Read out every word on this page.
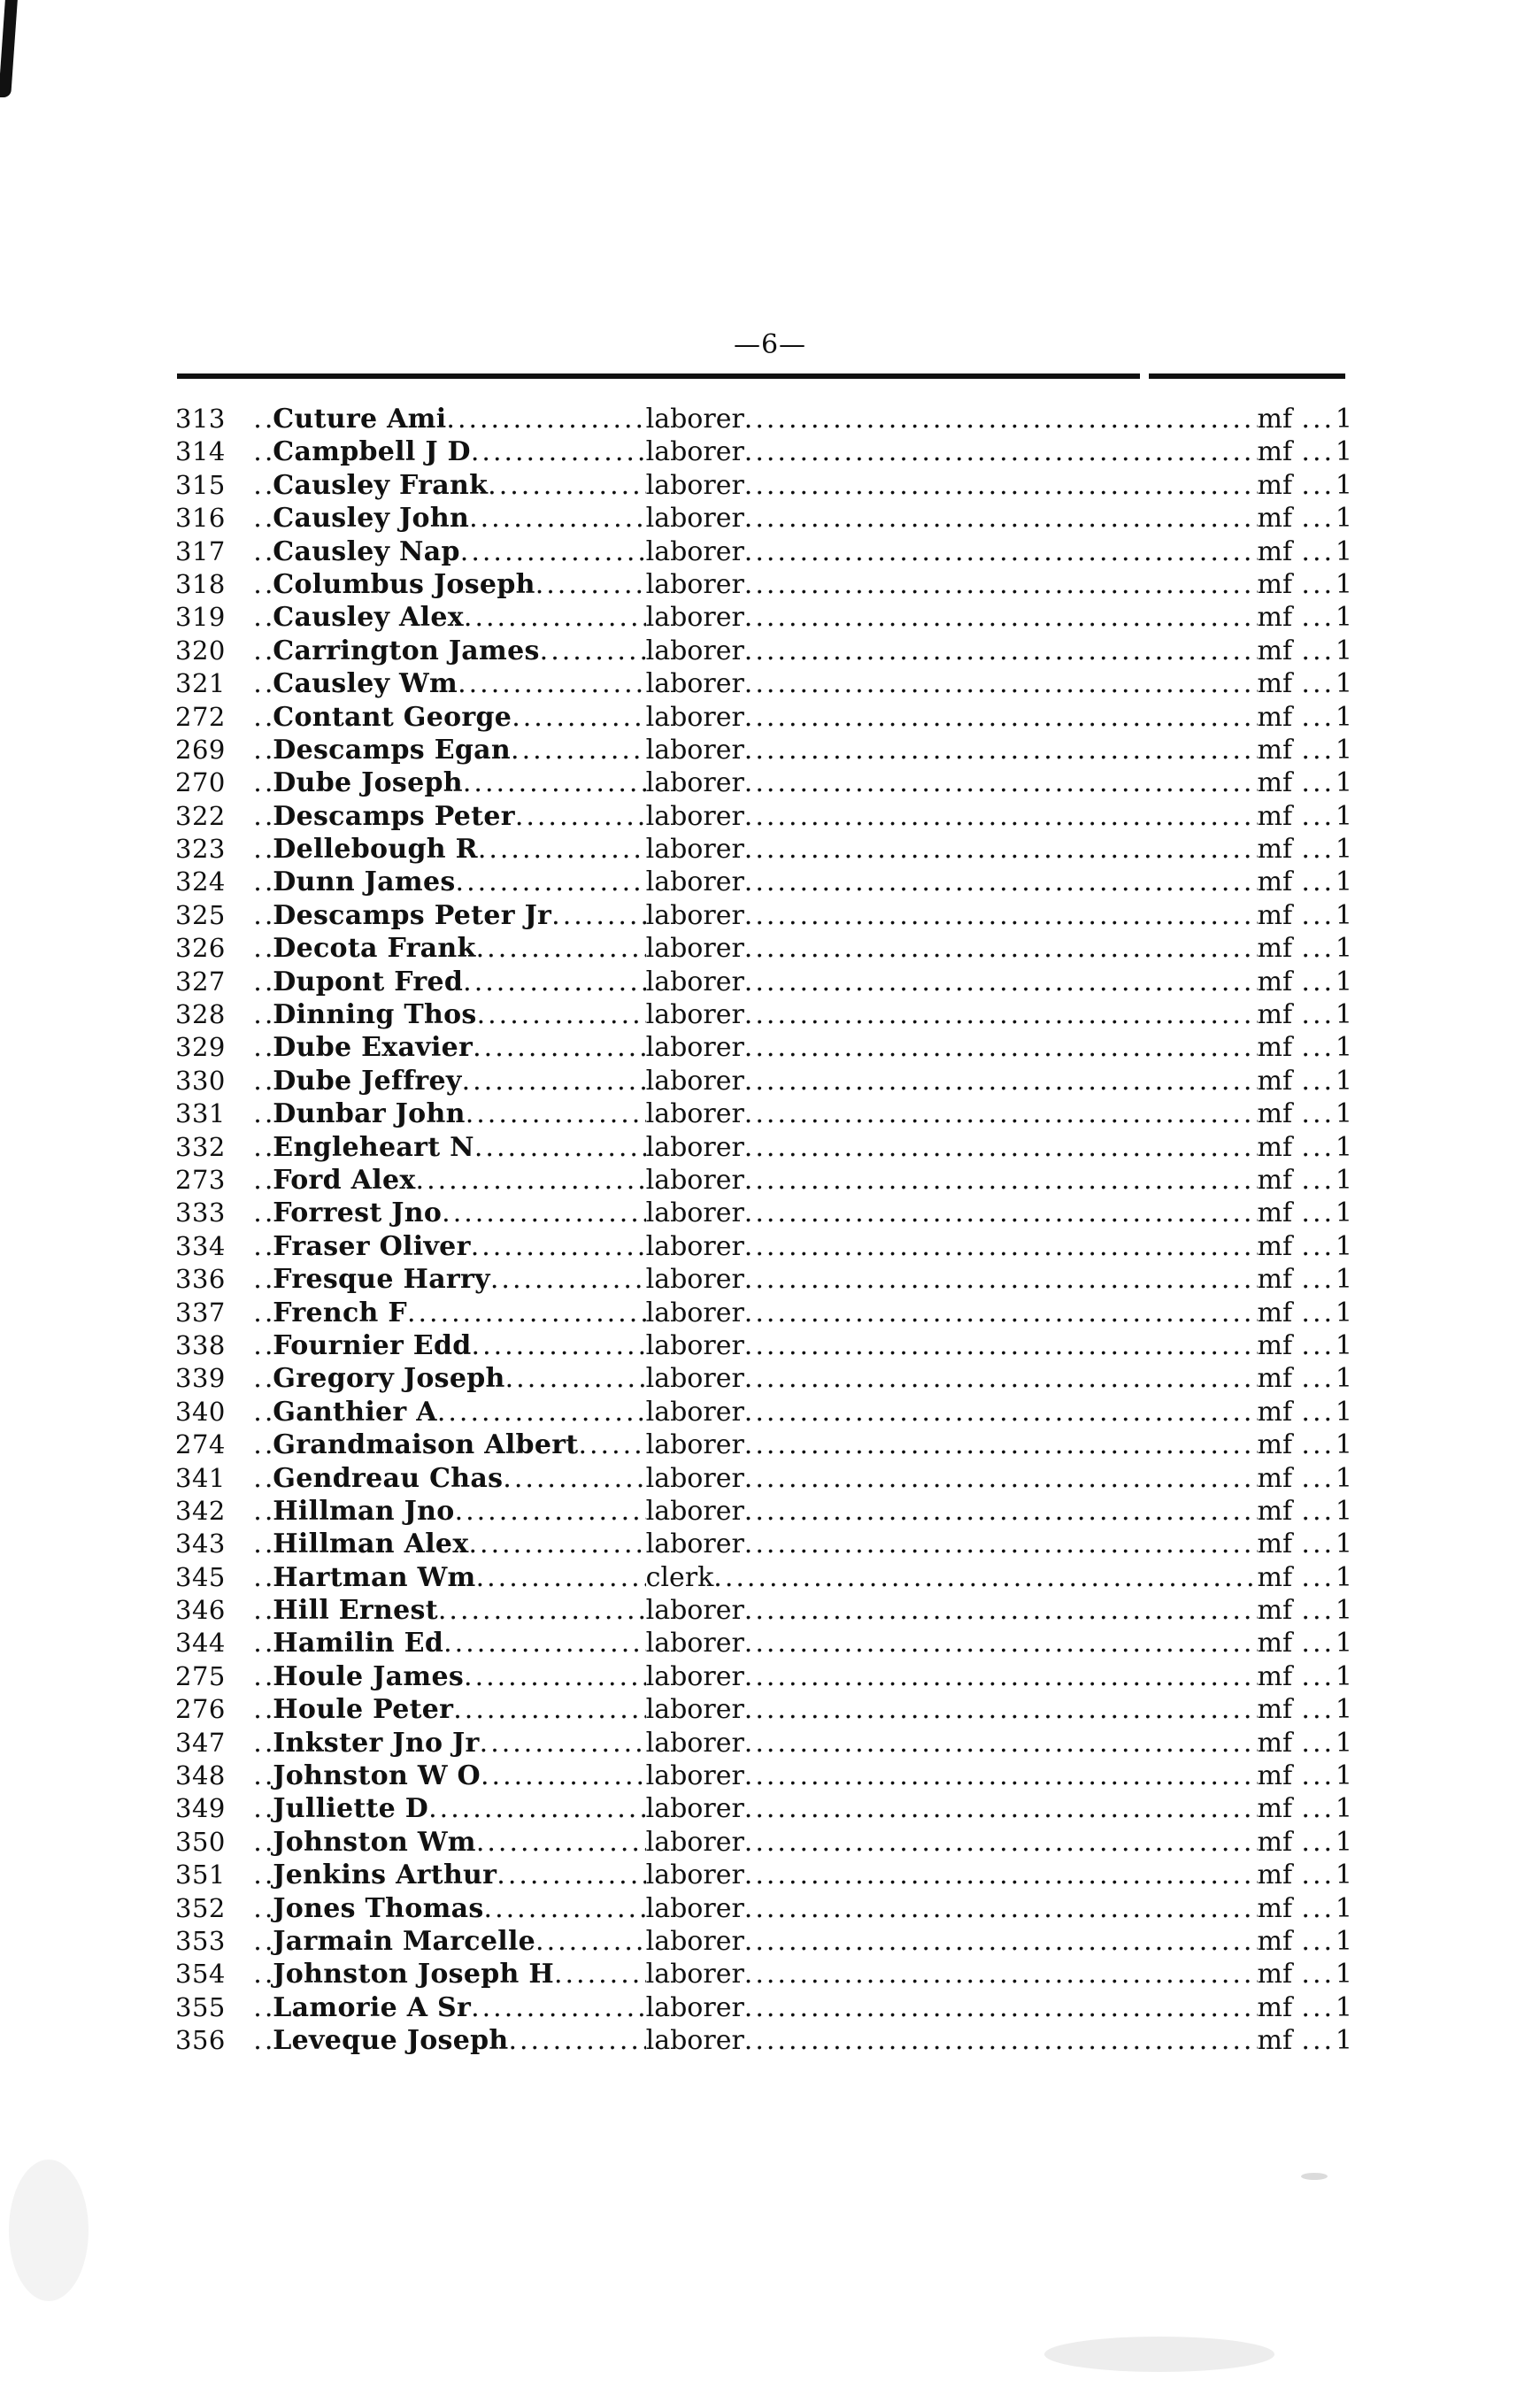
—6—
313 .....	Cuture Ami .....	laborer .....	mf ........	1
314 .....	Campbell J D .....	laborer .....	mf ........	1
315 .....	Causley Frank .....	laborer .....	mf ........	1
316 .....	Causley John .....	laborer .....	mf ........	1
317 .....	Causley Nap .....	laborer .....	mf ........	1
318 .....	Columbus Joseph .....	laborer .....	mf ........	1
319 .....	Causley Alex .....	laborer .....	mf ........	1
320 .....	Carrington James .....	laborer .....	mf ........	1
321 .....	Causley Wm .....	laborer .....	mf ........	1
272 .....	Contant George .....	laborer .....	mf ........	1
269 .....	Descamps Egan .....	laborer .....	mf ........	1
270 .....	Dube Joseph .....	laborer .....	mf ........	1
322 .....	Descamps Peter .....	laborer .....	mf ........	1
323 .....	Dellebough R .....	laborer .....	mf ........	1
324 .....	Dunn James .....	laborer .....	mf ........	1
325 .....	Descamps Peter Jr .....	laborer .....	mf ........	1
326 .....	Decota Frank .....	laborer .....	mf ........	1
327 .....	Dupont Fred .....	laborer .....	mf ........	1
328 .....	Dinning Thos .....	laborer .....	mf ........	1
329 .....	Dube Exavier .....	laborer .....	mf ........	1
330 .....	Dube Jeffrey .....	laborer .....	mf ........	1
331 .....	Dunbar John .....	laborer .....	mf ........	1
332 .....	Engleheart N .....	laborer .....	mf ........	1
273 .....	Ford Alex .....	laborer .....	mf ........	1
333 .....	Forrest Jno .....	laborer .....	mf ........	1
334 .....	Fraser Oliver .....	laborer .....	mf ........	1
336 .....	Fresque Harry .....	laborer .....	mf ........	1
337 .....	French F .....	laborer .....	mf ........	1
338 .....	Fournier Edd .....	laborer .....	mf ........	1
339 .....	Gregory Joseph .....	laborer .....	mf ........	1
340 .....	Ganthier A .....	laborer .....	mf ........	1
274 .....	Grandmaison Albert .....	laborer .....	mf ........	1
341 .....	Gendreau Chas .....	laborer .....	mf ........	1
342 .....	Hillman Jno .....	laborer .....	mf ........	1
343 .....	Hillman Alex .....	laborer .....	mf ........	1
345 .....	Hartman Wm .....	clerk .....	mf ........	1
346 .....	Hill Ernest .....	laborer .....	mf ........	1
344 .....	Hamilin Ed .....	laborer .....	mf ........	1
275 .....	Houle James .....	laborer .....	mf ........	1
276 .....	Houle Peter .....	laborer .....	mf ........	1
347 .....	Inkster Jno Jr .....	laborer .....	mf ........	1
348 .....	Johnston W O .....	laborer .....	mf ........	1
349 .....	Julliette D .....	laborer .....	mf ........	1
350 .....	Johnston Wm .....	laborer .....	mf ........	1
351 .....	Jenkins Arthur .....	laborer .....	mf ........	1
352 .....	Jones Thomas .....	laborer .....	mf ........	1
353 .....	Jarmain Marcelle .....	laborer .....	mf ........	1
354 .....	Johnston Joseph H .....	laborer .....	mf ........	1
355 .....	Lamorie A Sr .....	laborer .....	mf ........	1
356 .....	Leveque Joseph .....	laborer .....	mf ........	1
